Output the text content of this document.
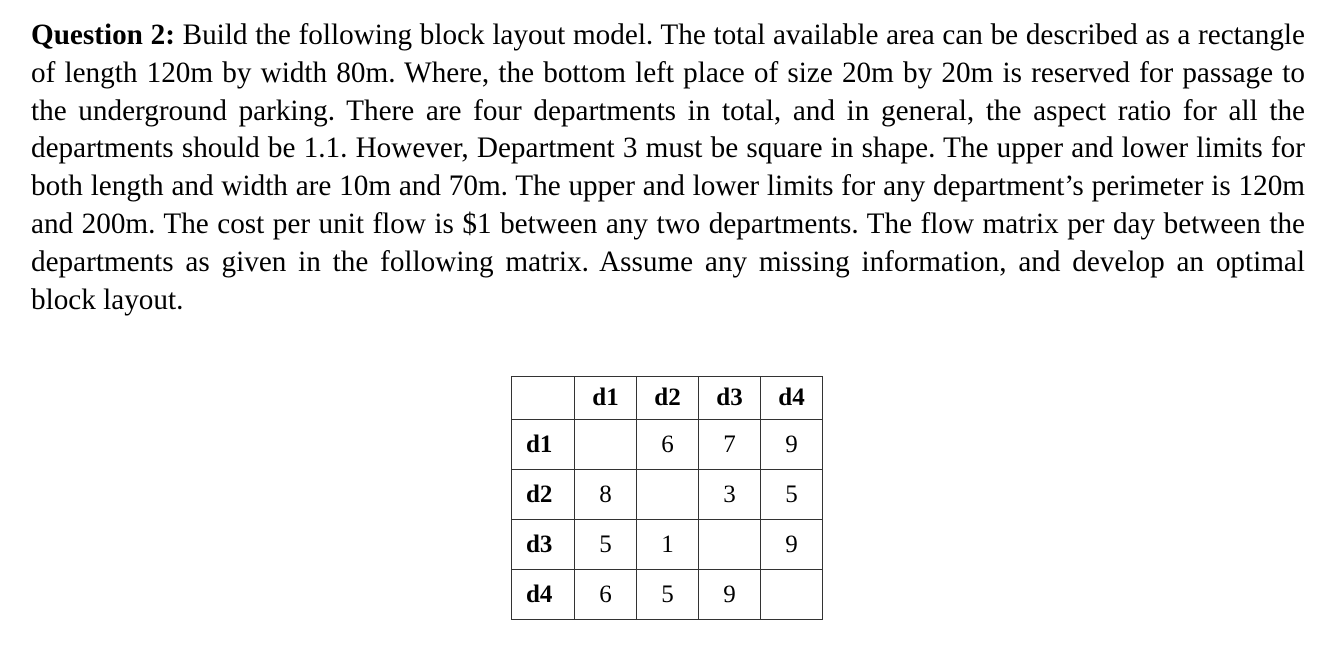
Question 2: Build the following block layout model. The total available area can be described as a rectangle of length 120m by width 80m. Where, the bottom left place of size 20m by 20m is reserved for passage to the underground parking. There are four departments in total, and in general, the aspect ratio for all the departments should be 1.1. However, Department 3 must be square in shape. The upper and lower limits for both length and width are 10m and 70m. The upper and lower limits for any department’s perimeter is 120m and 200m. The cost per unit flow is $1 between any two departments. The flow matrix per day between the departments as given in the following matrix. Assume any missing information, and develop an optimal block layout.

	d1	d2	d3	d4
d1		6	7	9
d2	8		3	5
d3	5	1		9
d4	6	5	9	
